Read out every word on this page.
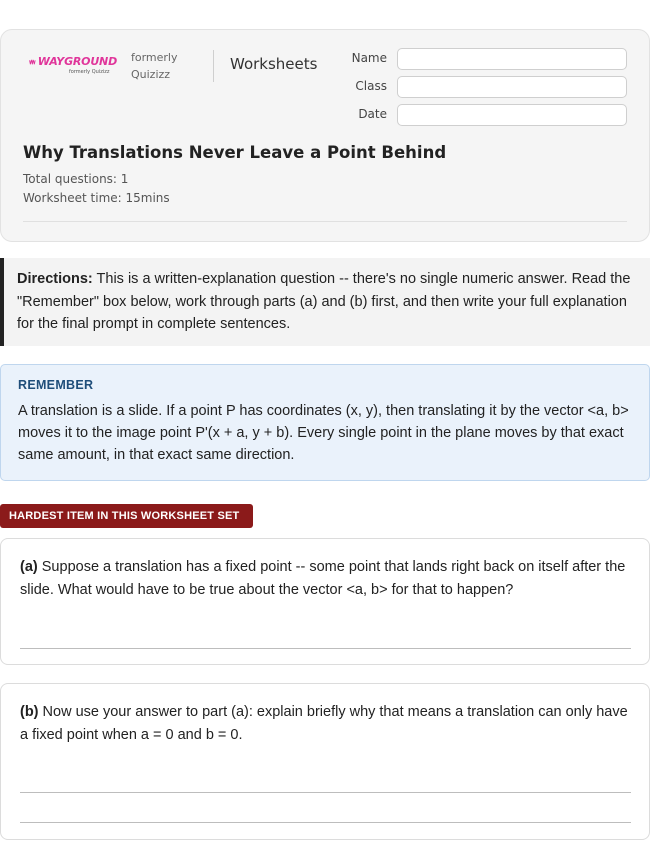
WAYGROUND
formerly Quizizz
formerly
Quizizz
Worksheets	Name
Class
Date
Why Translations Never Leave a Point Behind
Total questions: 1
Worksheet time: 15mins
Directions: This is a written-explanation question -- there's no single numeric answer. Read the "Remember" box below, work through parts (a) and (b) first, and then write your full explanation for the final prompt in complete sentences.
REMEMBER
A translation is a slide. If a point P has coordinates (x, y), then translating it by the vector <a, b> moves it to the image point P'(x + a, y + b). Every single point in the plane moves by that exact same amount, in that exact same direction.
HARDEST ITEM IN THIS WORKSHEET SET
(a) Suppose a translation has a fixed point -- some point that lands right back on itself after the slide. What would have to be true about the vector <a, b> for that to happen?
(b) Now use your answer to part (a): explain briefly why that means a translation can only have a fixed point when a = 0 and b = 0.
